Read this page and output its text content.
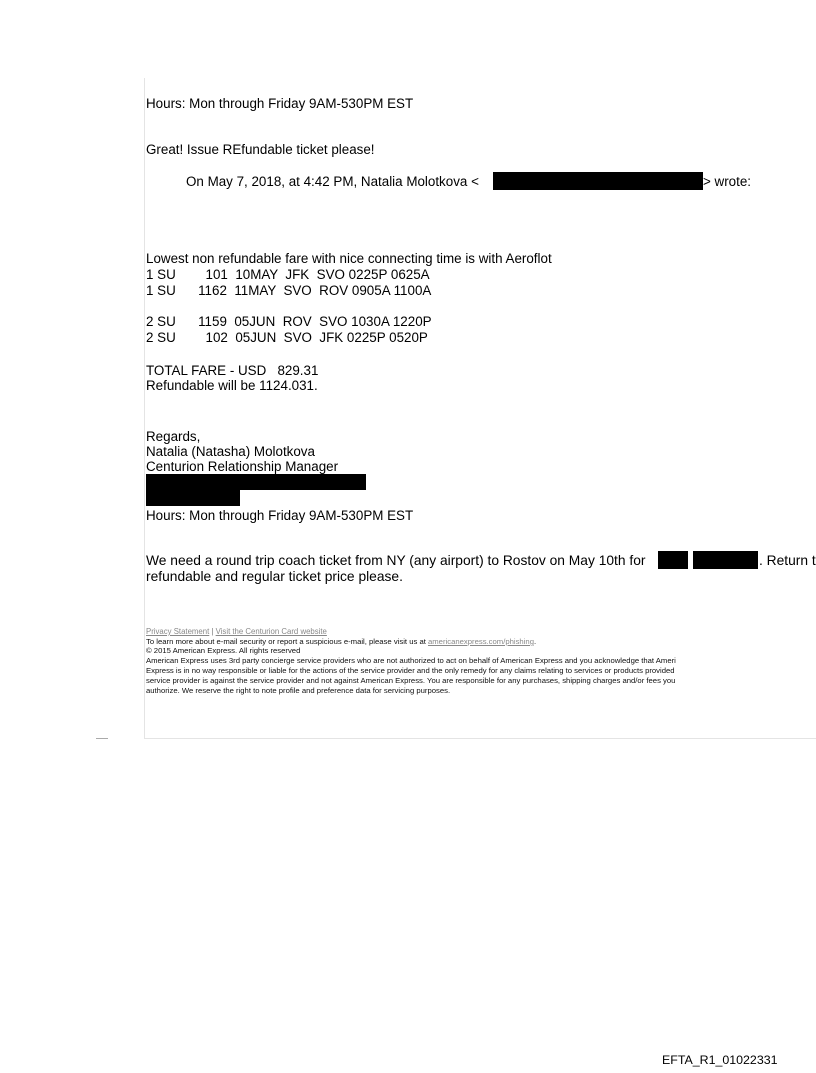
Hours: Mon through Friday 9AM-530PM EST
Great! Issue REfundable ticket please!
On May 7, 2018, at 4:42 PM, Natalia Molotkova <	> wrote:
Lowest non refundable fare with nice connecting time is with Aeroflot
1 SU        101  10MAY  JFK  SVO 0225P 0625A
1 SU      1162  11MAY  SVO  ROV 0905A 1100A
2 SU      1159  05JUN  ROV  SVO 1030A 1220P
2 SU        102  05JUN  SVO  JFK 0225P 0520P
TOTAL FARE - USD   829.31
Refundable will be 1124.031.
Regards,
Natalia (Natasha) Molotkova
Centurion Relationship Manager
Hours: Mon through Friday 9AM-530PM EST
We need a round trip coach ticket from NY (any airport) to Rostov on May 10th for	. Return t
refundable and regular ticket price please.
Privacy Statement | Visit the Centurion Card website
To learn more about e-mail security or report a suspicious e-mail, please visit us at americanexpress.com/phishing.
© 2015 American Express. All rights reserved
American Express uses 3rd party concierge service providers who are not authorized to act on behalf of American Express and you acknowledge that Ameri
Express is in no way responsible or liable for the actions of the service provider and the only remedy for any claims relating to services or products provided
service provider is against the service provider and not against American Express. You are responsible for any purchases, shipping charges and/or fees you
authorize. We reserve the right to note profile and preference data for servicing purposes.
EFTA_R1_01022331
